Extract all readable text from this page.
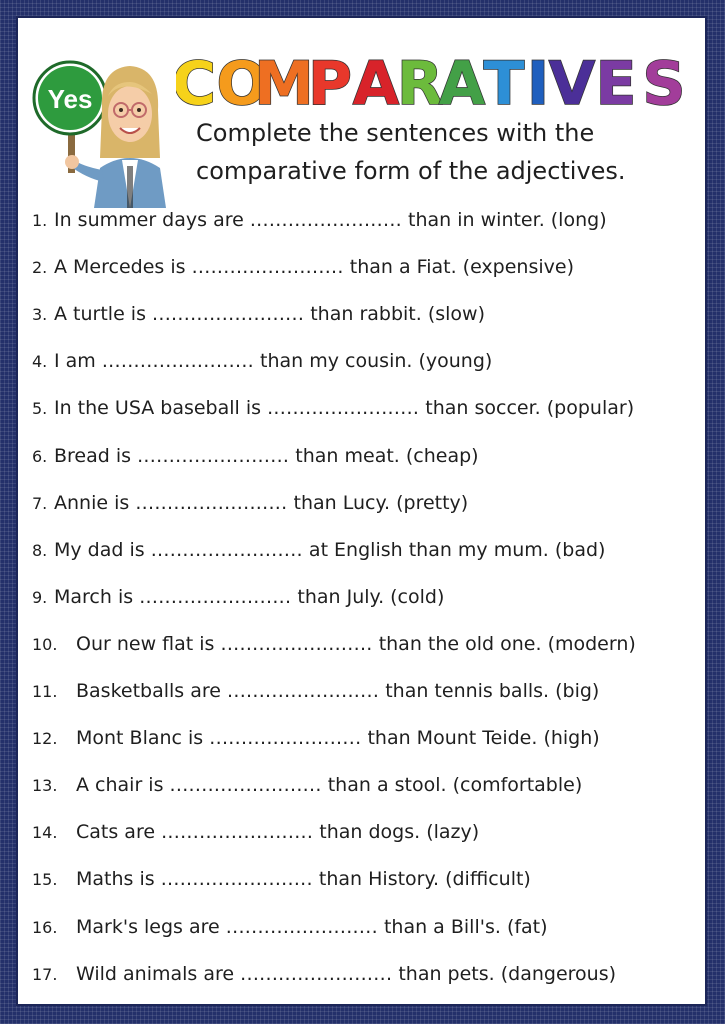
Yes C O
M
P A
R
A
T I V E S

Complete the sentences with the
comparative form of the adjectives.

1. In summer days are ........................ than in winter. (long)
2. A Mercedes is ........................ than a Fiat. (expensive)
3. A turtle is ........................ than rabbit. (slow)
4. I am ........................ than my cousin. (young)
5. In the USA baseball is ........................ than soccer. (popular)
6. Bread is ........................ than meat. (cheap)
7. Annie is ........................ than Lucy. (pretty)
8. My dad is ........................ at English than my mum. (bad)
9. March is ........................ than July. (cold)
10. Our new flat is ........................ than the old one. (modern)
11. Basketballs are ........................ than tennis balls. (big)
12. Mont Blanc is ........................ than Mount Teide. (high)
13. A chair is ........................ than a stool. (comfortable)
14. Cats are ........................ than dogs. (lazy)
15. Maths is ........................ than History. (difficult)
16. Mark's legs are ........................ than a Bill's. (fat)
17. Wild animals are ........................ than pets. (dangerous)
